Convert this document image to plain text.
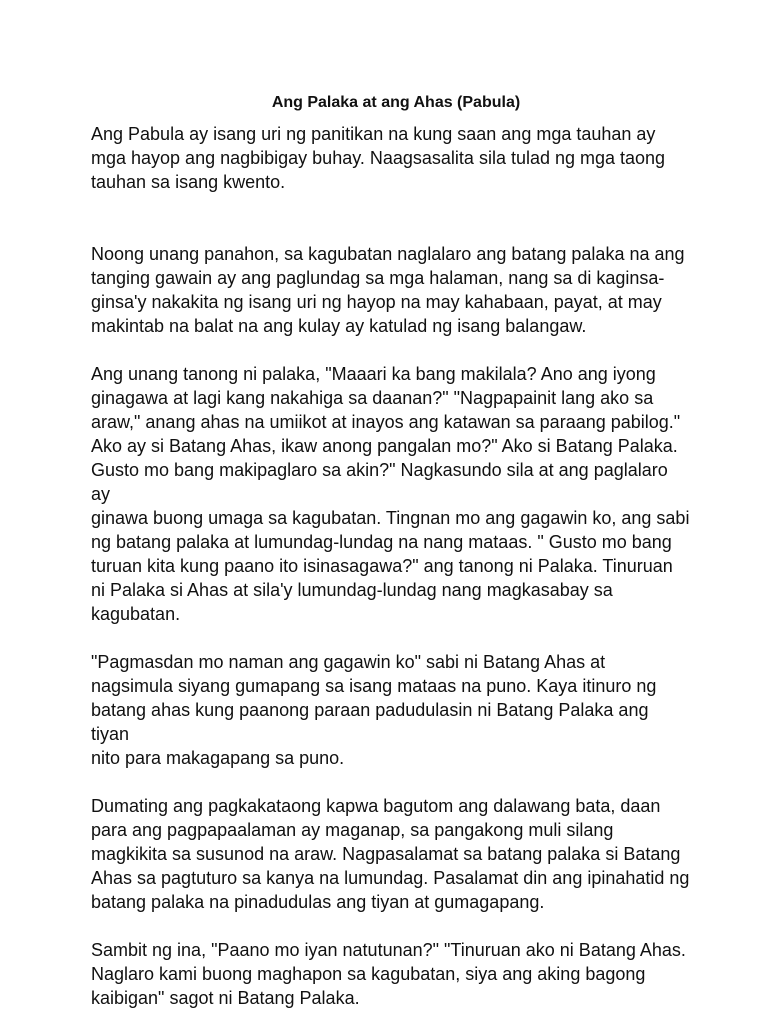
Ang Palaka at ang Ahas (Pabula)

Ang Pabula ay isang uri ng panitikan na kung saan ang mga tauhan ay
mga hayop ang nagbibigay buhay. Naagsasalita sila tulad ng mga taong
tauhan sa isang kwento.

Noong unang panahon, sa kagubatan naglalaro ang batang palaka na ang
tanging gawain ay ang paglundag sa mga halaman, nang sa di kaginsa-
ginsa'y nakakita ng isang uri ng hayop na may kahabaan, payat, at may
makintab na balat na ang kulay ay katulad ng isang balangaw.

Ang unang tanong ni palaka, "Maaari ka bang makilala? Ano ang iyong
ginagawa at lagi kang nakahiga sa daanan?" "Nagpapainit lang ako sa
araw," anang ahas na umiikot at inayos ang katawan sa paraang pabilog."
Ako ay si Batang Ahas, ikaw anong pangalan mo?" Ako si Batang Palaka.
Gusto mo bang makipaglaro sa akin?" Nagkasundo sila at ang paglalaro ay
ginawa buong umaga sa kagubatan. Tingnan mo ang gagawin ko, ang sabi
ng batang palaka at lumundag-lundag na nang mataas. " Gusto mo bang
turuan kita kung paano ito isinasagawa?" ang tanong ni Palaka. Tinuruan
ni Palaka si Ahas at sila'y lumundag-lundag nang magkasabay sa
kagubatan.

"Pagmasdan mo naman ang gagawin ko" sabi ni Batang Ahas at
nagsimula siyang gumapang sa isang mataas na puno. Kaya itinuro ng
batang ahas kung paanong paraan padudulasin ni Batang Palaka ang tiyan
nito para makagapang sa puno.

Dumating ang pagkakataong kapwa bagutom ang dalawang bata, daan
para ang pagpapaalaman ay maganap, sa pangakong muli silang
magkikita sa susunod na araw. Nagpasalamat sa batang palaka si Batang
Ahas sa pagtuturo sa kanya na lumundag. Pasalamat din ang ipinahatid ng
batang palaka na pinadudulas ang tiyan at gumagapang.

Sambit ng ina, "Paano mo iyan natutunan?" "Tinuruan ako ni Batang Ahas.
Naglaro kami buong maghapon sa kagubatan, siya ang aking bagong
kaibigan" sagot ni Batang Palaka.
